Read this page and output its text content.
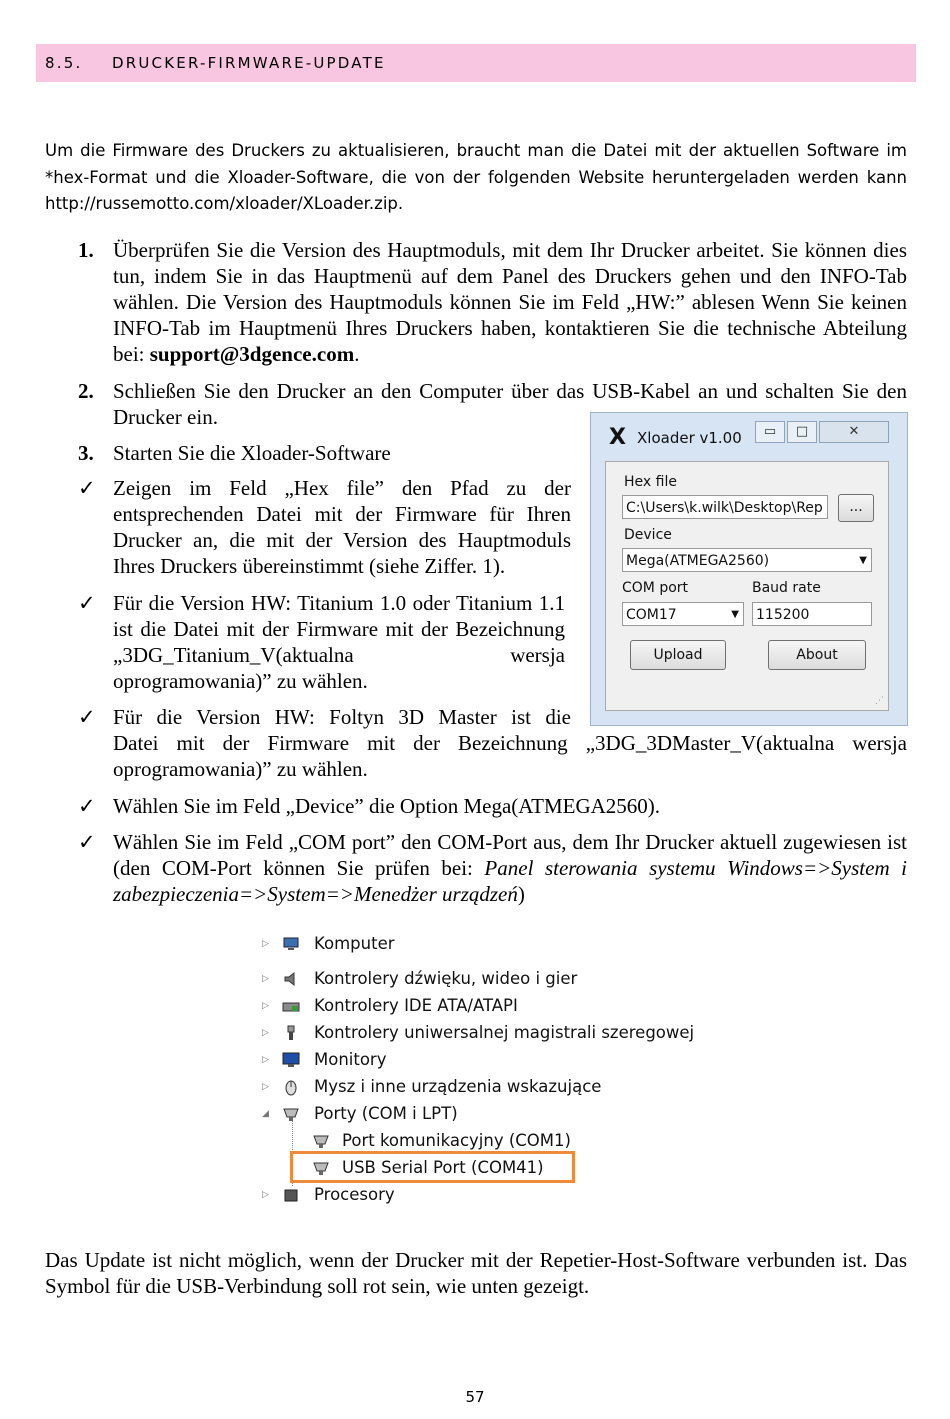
8.5.	DRUCKER-FIRMWARE-UPDATE

Um die Firmware des Druckers zu aktualisieren, braucht man die Datei mit der aktuellen Software im *hex-Format und die Xloader-Software, die von der folgenden Website heruntergeladen werden kann http://russemotto.com/xloader/XLoader.zip.

1. Überprüfen Sie die Version des Hauptmoduls, mit dem Ihr Drucker arbeitet. Sie können dies tun, indem Sie in das Hauptmenü auf dem Panel des Druckers gehen und den INFO-Tab wählen. Die Version des Hauptmoduls können Sie im Feld „HW:” ablesen Wenn Sie keinen INFO-Tab im Hauptmenü Ihres Druckers haben, kontaktieren Sie die technische Abteilung bei: support@3dgence.com.
2. Schließen Sie den Drucker an den Computer über das USB-Kabel an und schalten Sie den Drucker ein.
3. Starten Sie die Xloader-Software
✓ Zeigen im Feld „Hex file” den Pfad zu der entsprechenden Datei mit der Firmware für Ihren Drucker an, die mit der Version des Hauptmoduls Ihres Druckers übereinstimmt (siehe Ziffer. 1).
✓ Für die Version HW: Titanium 1.0 oder Titanium 1.1 ist die Datei mit der Firmware mit der Bezeichnung „3DG_Titanium_V(aktualna wersja oprogramowania)” zu wählen.
✓ Für die Version HW: Foltyn 3D Master ist die
Datei mit der Firmware mit der Bezeichnung „3DG_3DMaster_V(aktualna wersja oprogramowania)” zu wählen.
✓ Wählen Sie im Feld „Device” die Option Mega(ATMEGA2560).
✓ Wählen Sie im Feld „COM port” den COM-Port aus, dem Ihr Drucker aktuell zugewiesen ist (den COM-Port können Sie prüfen bei: Panel sterowania systemu Windows=>System i zabezpieczenia=>System=>Menedżer urządzeń)
X Xloader v1.00	▭	□	✕
Hex file
C:\Users\k.wilk\Desktop\Rep	...
Device
Mega(ATMEGA2560)	▼
COM port	Baud rate
COM17	▼ 115200
Upload	About
⋰
▷	Komputer
▷	Kontrolery dźwięku, wideo i gier
▷	Kontrolery IDE ATA/ATAPI
▷	Kontrolery uniwersalnej magistrali szeregowej
▷	Monitory
▷	Mysz i inne urządzenia wskazujące
◢	Porty (COM i LPT)
Port komunikacyjny (COM1)
USB Serial Port (COM41)
▷	Procesory

Das Update ist nicht möglich, wenn der Drucker mit der Repetier-Host-Software verbunden ist. Das Symbol für die USB-Verbindung soll rot sein, wie unten gezeigt.

57
